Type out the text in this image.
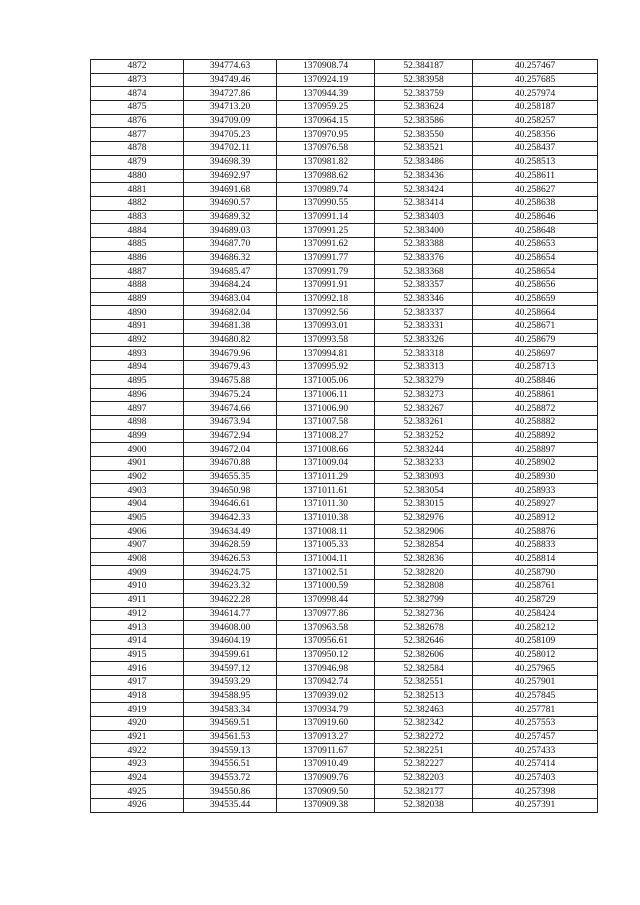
4872	394774.63	1370908.74	52.384187	40.257467
4873	394749.46	1370924.19	52.383958	40.257685
4874	394727.86	1370944.39	52.383759	40.257974
4875	394713.20	1370959.25	52.383624	40.258187
4876	394709.09	1370964.15	52.383586	40.258257
4877	394705.23	1370970.95	52.383550	40.258356
4878	394702.11	1370976.58	52.383521	40.258437
4879	394698.39	1370981.82	52.383486	40.258513
4880	394692.97	1370988.62	52.383436	40.258611
4881	394691.68	1370989.74	52.383424	40.258627
4882	394690.57	1370990.55	52.383414	40.258638
4883	394689.32	1370991.14	52.383403	40.258646
4884	394689.03	1370991.25	52.383400	40.258648
4885	394687.70	1370991.62	52.383388	40.258653
4886	394686.32	1370991.77	52.383376	40.258654
4887	394685.47	1370991.79	52.383368	40.258654
4888	394684.24	1370991.91	52.383357	40.258656
4889	394683.04	1370992.18	52.383346	40.258659
4890	394682.04	1370992.56	52.383337	40.258664
4891	394681.38	1370993.01	52.383331	40.258671
4892	394680.82	1370993.58	52.383326	40.258679
4893	394679.96	1370994.81	52.383318	40.258697
4894	394679.43	1370995.92	52.383313	40.258713
4895	394675.88	1371005.06	52.383279	40.258846
4896	394675.24	1371006.11	52.383273	40.258861
4897	394674.66	1371006.90	52.383267	40.258872
4898	394673.94	1371007.58	52.383261	40.258882
4899	394672.94	1371008.27	52.383252	40.258892
4900	394672.04	1371008.66	52.383244	40.258897
4901	394670.88	1371009.04	52.383233	40.258902
4902	394655.35	1371011.29	52.383093	40.258930
4903	394650.98	1371011.61	52.383054	40.258933
4904	394646.61	1371011.30	52.383015	40.258927
4905	394642.33	1371010.38	52.382976	40.258912
4906	394634.49	1371008.11	52.382906	40.258876
4907	394628.59	1371005.33	52.382854	40.258833
4908	394626.53	1371004.11	52.382836	40.258814
4909	394624.75	1371002.51	52.382820	40.258790
4910	394623.32	1371000.59	52.382808	40.258761
4911	394622.28	1370998.44	52.382799	40.258729
4912	394614.77	1370977.86	52.382736	40.258424
4913	394608.00	1370963.58	52.382678	40.258212
4914	394604.19	1370956.61	52.382646	40.258109
4915	394599.61	1370950.12	52.382606	40.258012
4916	394597.12	1370946.98	52.382584	40.257965
4917	394593.29	1370942.74	52.382551	40.257901
4918	394588.95	1370939.02	52.382513	40.257845
4919	394583.34	1370934.79	52.382463	40.257781
4920	394569.51	1370919.60	52.382342	40.257553
4921	394561.53	1370913.27	52.382272	40.257457
4922	394559.13	1370911.67	52.382251	40.257433
4923	394556.51	1370910.49	52.382227	40.257414
4924	394553.72	1370909.76	52.382203	40.257403
4925	394550.86	1370909.50	52.382177	40.257398
4926	394535.44	1370909.38	52.382038	40.257391
